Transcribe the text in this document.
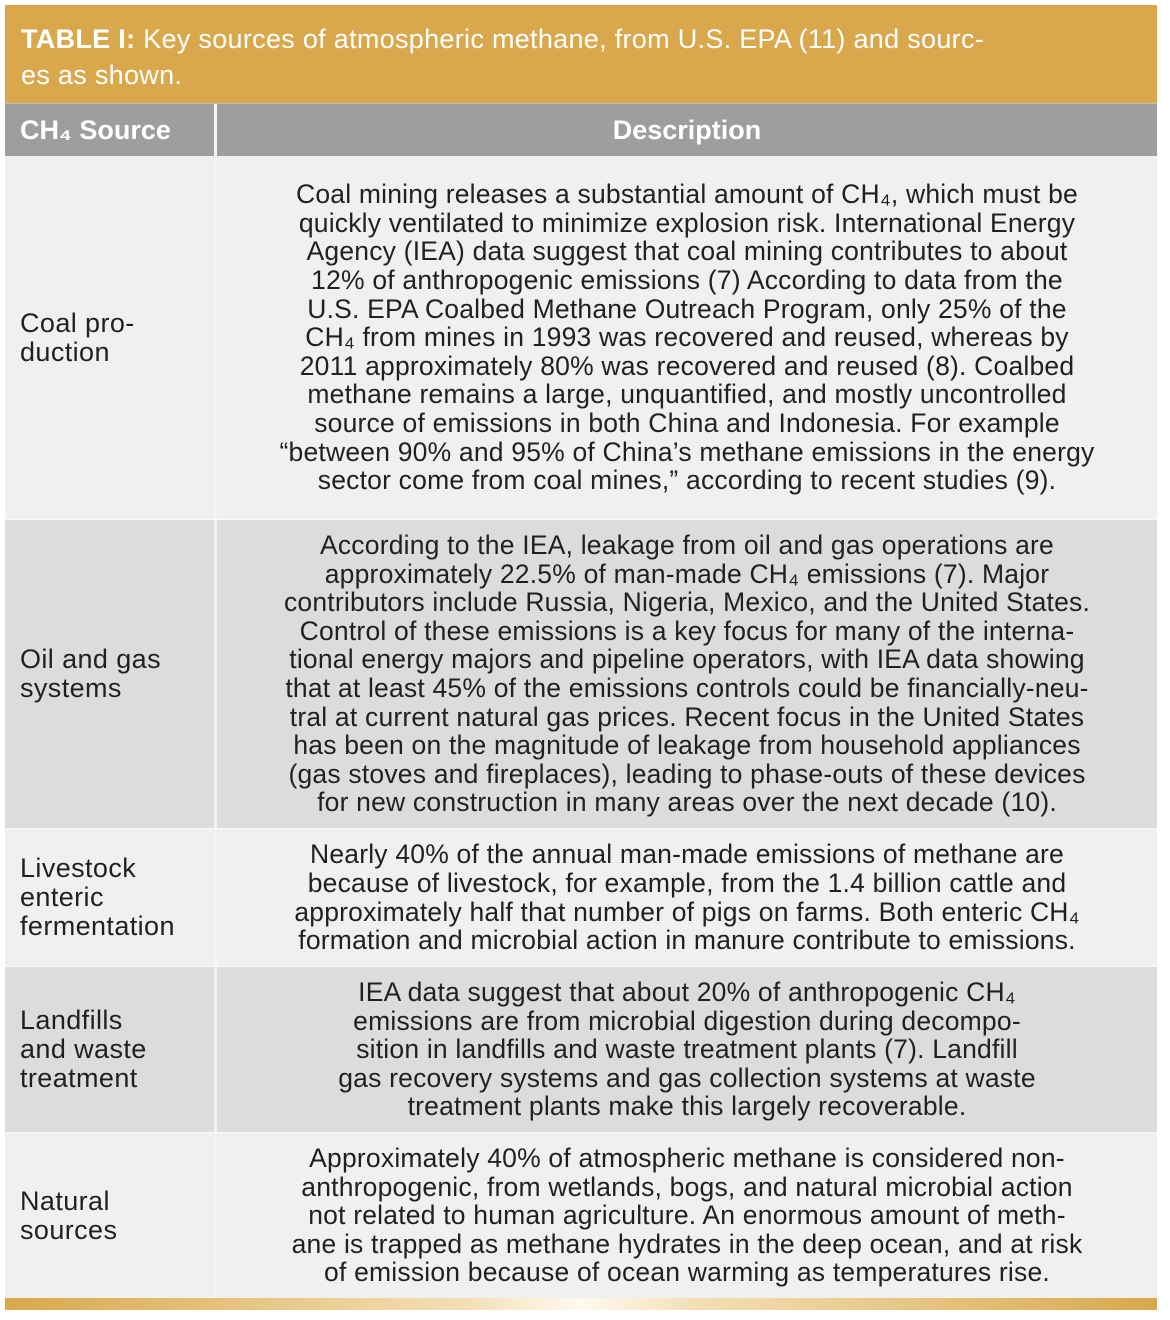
TABLE I: Key sources of atmospheric methane, from U.S. EPA (11) and sourc-
es as shown.
CH₄ Source	Description
Coal pro-
duction
Coal mining releases a substantial amount of CH₄, which must be
quickly ventilated to minimize explosion risk. International Energy
Agency (IEA) data suggest that coal mining contributes to about
12% of anthropogenic emissions (7) According to data from the
U.S. EPA Coalbed Methane Outreach Program, only 25% of the
CH₄ from mines in 1993 was recovered and reused, whereas by
2011 approximately 80% was recovered and reused (8). Coalbed
methane remains a large, unquantified, and mostly uncontrolled
source of emissions in both China and Indonesia. For example
“between 90% and 95% of China’s methane emissions in the energy
sector come from coal mines,” according to recent studies (9).
Oil and gas
systems
According to the IEA, leakage from oil and gas operations are
approximately 22.5% of man-made CH₄ emissions (7). Major
contributors include Russia, Nigeria, Mexico, and the United States.
Control of these emissions is a key focus for many of the interna-
tional energy majors and pipeline operators, with IEA data showing
that at least 45% of the emissions controls could be financially-neu-
tral at current natural gas prices. Recent focus in the United States
has been on the magnitude of leakage from household appliances
(gas stoves and fireplaces), leading to phase-outs of these devices
for new construction in many areas over the next decade (10).
Livestock
enteric
fermentation
Nearly 40% of the annual man-made emissions of methane are
because of livestock, for example, from the 1.4 billion cattle and
approximately half that number of pigs on farms. Both enteric CH₄
formation and microbial action in manure contribute to emissions.
Landfills
and waste
treatment
IEA data suggest that about 20% of anthropogenic CH₄
emissions are from microbial digestion during decompo-
sition in landfills and waste treatment plants (7). Landfill
gas recovery systems and gas collection systems at waste
treatment plants make this largely recoverable.
Natural
sources
Approximately 40% of atmospheric methane is considered non-
anthropogenic, from wetlands, bogs, and natural microbial action
not related to human agriculture. An enormous amount of meth-
ane is trapped as methane hydrates in the deep ocean, and at risk
of emission because of ocean warming as temperatures rise.
